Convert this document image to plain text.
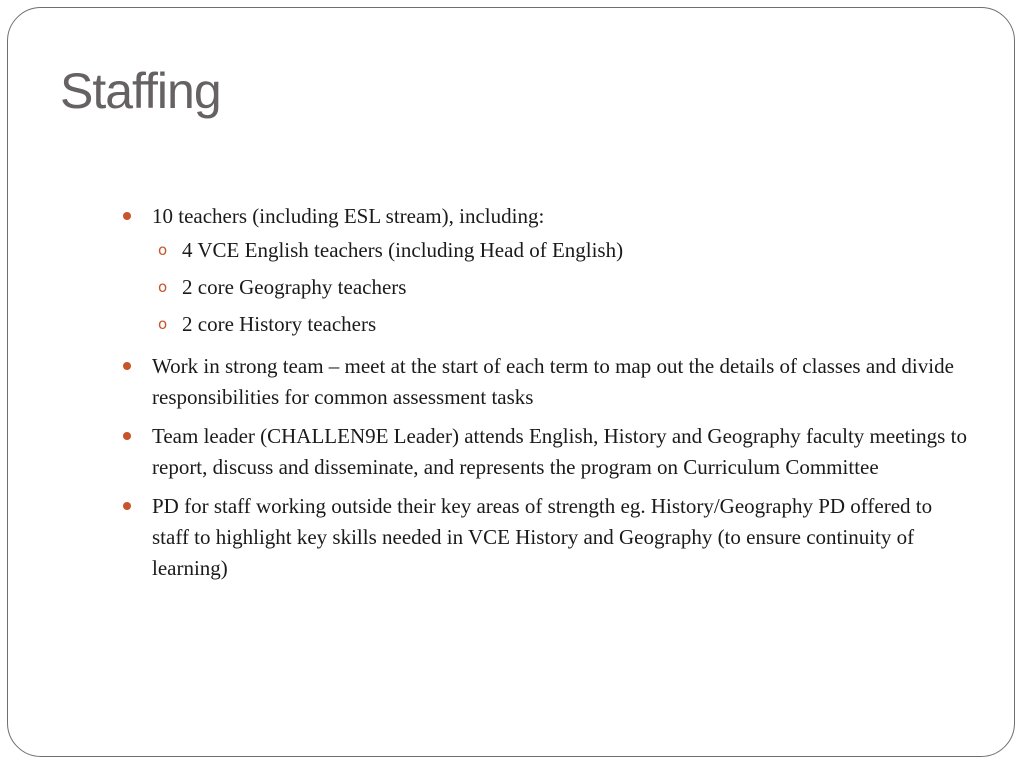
Staffing
10 teachers (including ESL stream), including:
o 4 VCE English teachers (including Head of English)
o 2 core Geography teachers
o 2 core History teachers
Work in strong team – meet at the start of each term to map out the details of classes and divide responsibilities for common assessment tasks
Team leader (CHALLEN9E Leader) attends English, History and Geography faculty meetings to report, discuss and disseminate, and represents the program on Curriculum Committee
PD for staff working outside their key areas of strength eg. History/Geography PD offered to staff to highlight key skills needed in VCE History and Geography (to ensure continuity of learning)
